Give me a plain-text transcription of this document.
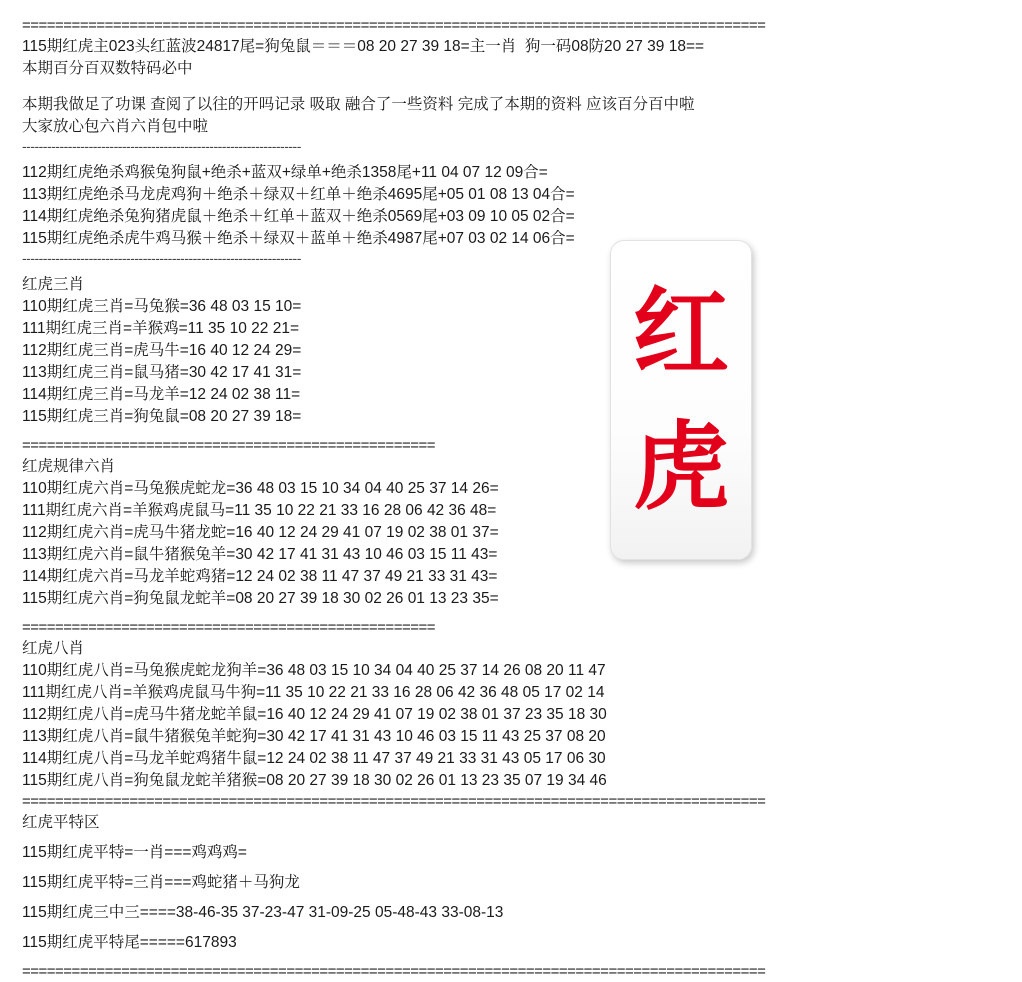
红
虎
==========================================================================================
115期红虎主023头红蓝波24817尾=狗兔鼠＝＝＝08 20 27 39 18=主一肖  狗一码08防20 27 39 18==
本期百分百双数特码必中
本期我做足了功课 查阅了以往的开吗记录 吸取 融合了一些资料 完成了本期的资料 应该百分百中啦
大家放心包六肖六肖包中啦
-------------------------------------------------------------------
112期红虎绝杀鸡猴兔狗鼠+绝杀+蓝双+绿单+绝杀1358尾+11 04 07 12 09合=
113期红虎绝杀马龙虎鸡狗＋绝杀＋绿双＋红单＋绝杀4695尾+05 01 08 13 04合=
114期红虎绝杀兔狗猪虎鼠＋绝杀＋红单＋蓝双＋绝杀0569尾+03 09 10 05 02合=
115期红虎绝杀虎牛鸡马猴＋绝杀＋绿双＋蓝单＋绝杀4987尾+07 03 02 14 06合=
-------------------------------------------------------------------
红虎三肖
110期红虎三肖=马兔猴=36 48 03 15 10=
111期红虎三肖=羊猴鸡=11 35 10 22 21=
112期红虎三肖=虎马牛=16 40 12 24 29=
113期红虎三肖=鼠马猪=30 42 17 41 31=
114期红虎三肖=马龙羊=12 24 02 38 11=
115期红虎三肖=狗兔鼠=08 20 27 39 18=
==================================================
红虎规律六肖
110期红虎六肖=马兔猴虎蛇龙=36 48 03 15 10 34 04 40 25 37 14 26=
111期红虎六肖=羊猴鸡虎鼠马=11 35 10 22 21 33 16 28 06 42 36 48=
112期红虎六肖=虎马牛猪龙蛇=16 40 12 24 29 41 07 19 02 38 01 37=
113期红虎六肖=鼠牛猪猴兔羊=30 42 17 41 31 43 10 46 03 15 11 43=
114期红虎六肖=马龙羊蛇鸡猪=12 24 02 38 11 47 37 49 21 33 31 43=
115期红虎六肖=狗兔鼠龙蛇羊=08 20 27 39 18 30 02 26 01 13 23 35=
==================================================
红虎八肖
110期红虎八肖=马兔猴虎蛇龙狗羊=36 48 03 15 10 34 04 40 25 37 14 26 08 20 11 47
111期红虎八肖=羊猴鸡虎鼠马牛狗=11 35 10 22 21 33 16 28 06 42 36 48 05 17 02 14
112期红虎八肖=虎马牛猪龙蛇羊鼠=16 40 12 24 29 41 07 19 02 38 01 37 23 35 18 30
113期红虎八肖=鼠牛猪猴兔羊蛇狗=30 42 17 41 31 43 10 46 03 15 11 43 25 37 08 20
114期红虎八肖=马龙羊蛇鸡猪牛鼠=12 24 02 38 11 47 37 49 21 33 31 43 05 17 06 30
115期红虎八肖=狗兔鼠龙蛇羊猪猴=08 20 27 39 18 30 02 26 01 13 23 35 07 19 34 46
==========================================================================================
红虎平特区
115期红虎平特=一肖===鸡鸡鸡=
115期红虎平特=三肖===鸡蛇猪＋马狗龙
115期红虎三中三====38-46-35 37-23-47 31-09-25 05-48-43 33-08-13
115期红虎平特尾=====617893
==========================================================================================
